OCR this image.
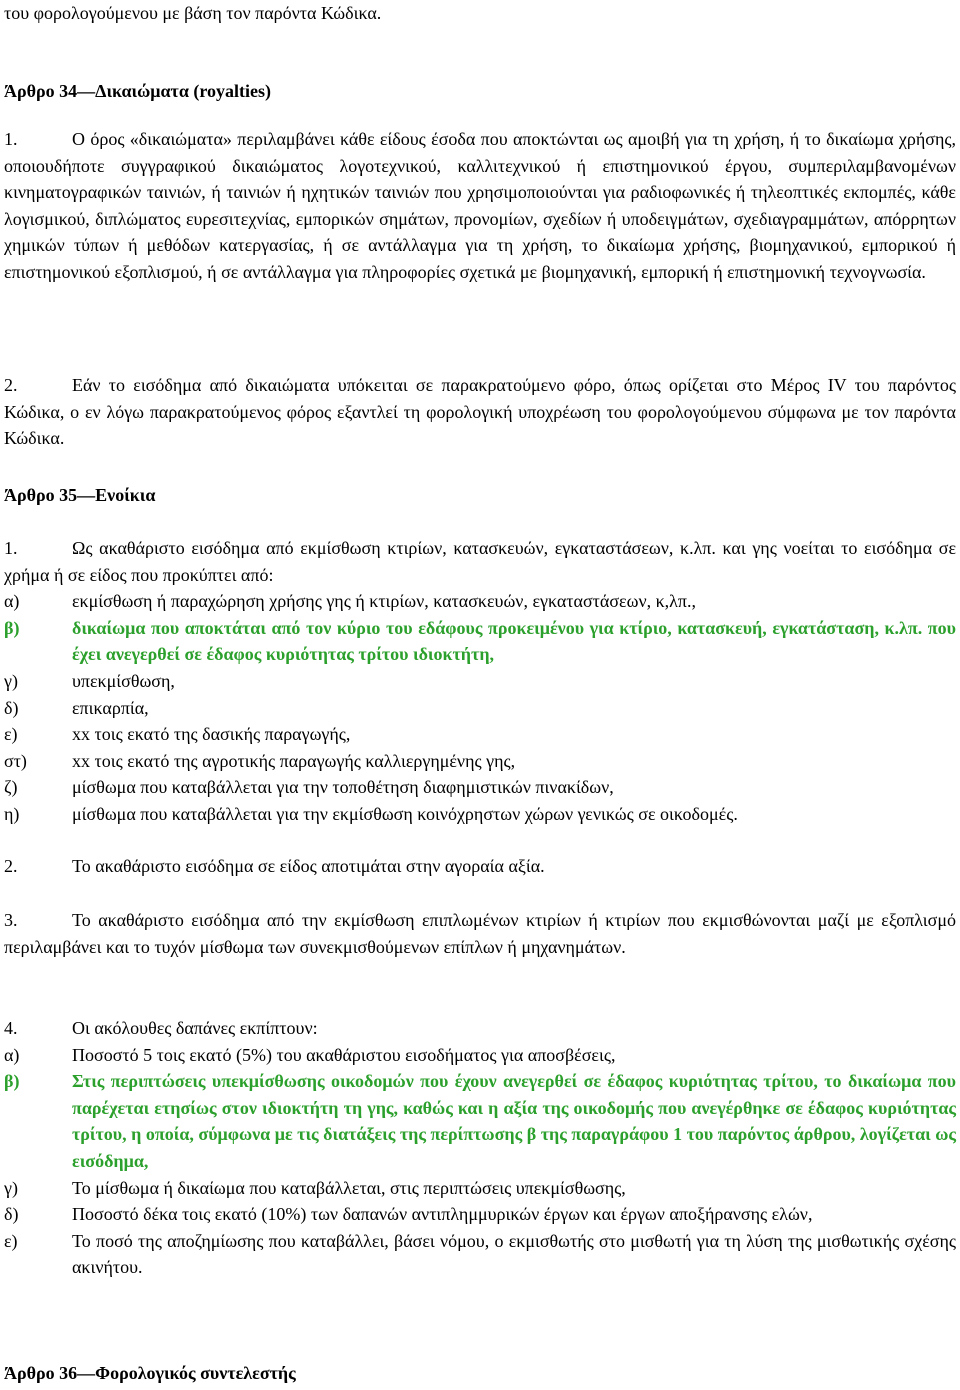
του φορολογούμενου με βάση τον παρόντα Κώδικα.

Άρθρο 34—Δικαιώματα (royalties)

1.	Ο όρος «δικαιώματα» περιλαμβάνει κάθε είδους έσοδα που αποκτώνται ως αμοιβή για τη χρήση, ή το δικαίωμα χρήσης, οποιουδήποτε συγγραφικού δικαιώματος λογοτεχνικού, καλλιτεχνικού ή επιστημονικού έργου, συμπεριλαμβανομένων κινηματογραφικών ταινιών, ή ταινιών ή ηχητικών ταινιών που χρησιμοποιούνται για ραδιοφωνικές ή τηλεοπτικές εκπομπές, κάθε λογισμικού, διπλώματος ευρεσιτεχνίας, εμπορικών σημάτων, προνομίων, σχεδίων ή υποδειγμάτων, σχεδιαγραμμάτων, απόρρητων χημικών τύπων ή μεθόδων κατεργασίας, ή σε αντάλλαγμα για τη χρήση, το δικαίωμα χρήσης, βιομηχανικού, εμπορικού ή επιστημονικού εξοπλισμού, ή σε αντάλλαγμα για πληροφορίες σχετικά με βιομηχανική, εμπορική ή επιστημονική τεχνογνωσία.

2.	Εάν το εισόδημα από δικαιώματα υπόκειται σε παρακρατούμενο φόρο, όπως ορίζεται στο Μέρος IV του παρόντος Κώδικα, ο εν λόγω παρακρατούμενος φόρος εξαντλεί τη φορολογική υποχρέωση του φορολογούμενου σύμφωνα με τον παρόντα Κώδικα.

Άρθρο 35—Ενοίκια

1.	Ως ακαθάριστο εισόδημα από εκμίσθωση κτιρίων, κατασκευών, εγκαταστάσεων, κ.λπ. και γης νοείται το εισόδημα σε χρήμα ή σε είδος που προκύπτει από:

α)	εκμίσθωση ή παραχώρηση χρήσης γης ή κτιρίων, κατασκευών, εγκαταστάσεων, κ,λπ.,
β)	δικαίωμα που αποκτάται από τον κύριο του εδάφους προκειμένου για κτίριο, κατασκευή, εγκατάσταση, κ.λπ. που έχει ανεγερθεί σε έδαφος κυριότητας τρίτου ιδιοκτήτη,
γ)	υπεκμίσθωση,
δ)	επικαρπία,
ε)	xx τοις εκατό της δασικής παραγωγής,
στ)	xx τοις εκατό της αγροτικής παραγωγής καλλιεργημένης γης,
ζ)	μίσθωμα που καταβάλλεται για την τοποθέτηση διαφημιστικών πινακίδων,
η)	μίσθωμα που καταβάλλεται για την εκμίσθωση κοινόχρηστων χώρων γενικώς σε οικοδομές.

2.	Το ακαθάριστο εισόδημα σε είδος αποτιμάται στην αγοραία αξία.

3.	Το ακαθάριστο εισόδημα από την εκμίσθωση επιπλωμένων κτιρίων ή κτιρίων που εκμισθώνονται μαζί με εξοπλισμό περιλαμβάνει και το τυχόν μίσθωμα των συνεκμισθούμενων επίπλων ή μηχανημάτων.

4.	Οι ακόλουθες δαπάνες εκπίπτουν:

α)	Ποσοστό 5 τοις εκατό (5%) του ακαθάριστου εισοδήματος για αποσβέσεις,
β)	Στις περιπτώσεις υπεκμίσθωσης οικοδομών που έχουν ανεγερθεί σε έδαφος κυριότητας τρίτου, το δικαίωμα που παρέχεται ετησίως στον ιδιοκτήτη τη γης, καθώς και η αξία της οικοδομής που ανεγέρθηκε σε έδαφος κυριότητας τρίτου, η οποία, σύμφωνα με τις διατάξεις της περίπτωσης β της παραγράφου 1 του παρόντος άρθρου, λογίζεται ως εισόδημα,
γ)	Το μίσθωμα ή δικαίωμα που καταβάλλεται, στις περιπτώσεις υπεκμίσθωσης,
δ)	Ποσοστό δέκα τοις εκατό (10%) των δαπανών αντιπλημμυρικών έργων και έργων αποξήρανσης ελών,
ε)	Το ποσό της αποζημίωσης που καταβάλλει, βάσει νόμου, ο εκμισθωτής στο μισθωτή για τη λύση της μισθωτικής σχέσης ακινήτου.

Άρθρο 36—Φορολογικός συντελεστής
